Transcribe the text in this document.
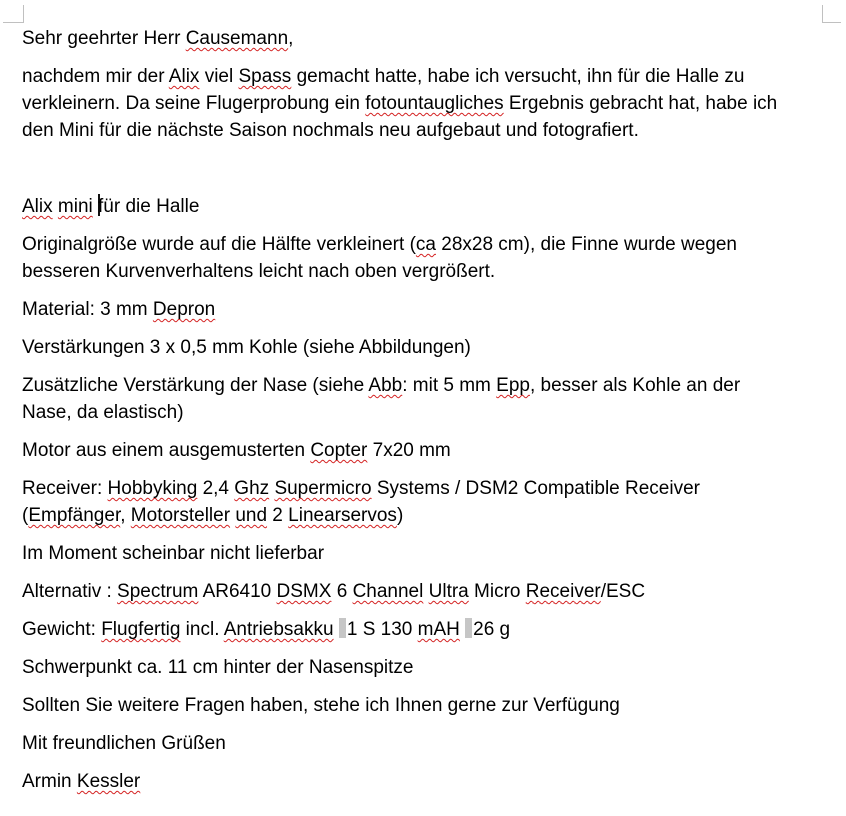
Sehr geehrter Herr Causemann,
nachdem mir der Alix viel Spass gemacht hatte, habe ich versucht, ihn für die Halle zu
verkleinern. Da seine Flugerprobung ein fotountaugliches Ergebnis gebracht hat, habe ich
den Mini für die nächste Saison nochmals neu aufgebaut und fotografiert.

Alix mini für die Halle
Originalgröße wurde auf die Hälfte verkleinert (ca 28x28 cm), die Finne wurde wegen
besseren Kurvenverhaltens leicht nach oben vergrößert.
Material: 3 mm Depron
Verstärkungen 3 x 0,5 mm Kohle (siehe Abbildungen)
Zusätzliche Verstärkung der Nase (siehe Abb: mit 5 mm Epp, besser als Kohle an der
Nase, da elastisch)
Motor aus einem ausgemusterten Copter 7x20 mm
Receiver: Hobbyking 2,4 Ghz Supermicro Systems / DSM2 Compatible Receiver
(Empfänger, Motorsteller und 2 Linearservos)
Im Moment scheinbar nicht lieferbar
Alternativ : Spectrum AR6410 DSMX 6 Channel Ultra Micro Receiver/ESC
Gewicht: Flugfertig incl. Antriebsakku 1 S 130 mAH 26 g
Schwerpunkt ca. 11 cm hinter der Nasenspitze
Sollten Sie weitere Fragen haben, stehe ich Ihnen gerne zur Verfügung
Mit freundlichen Grüßen
Armin Kessler
